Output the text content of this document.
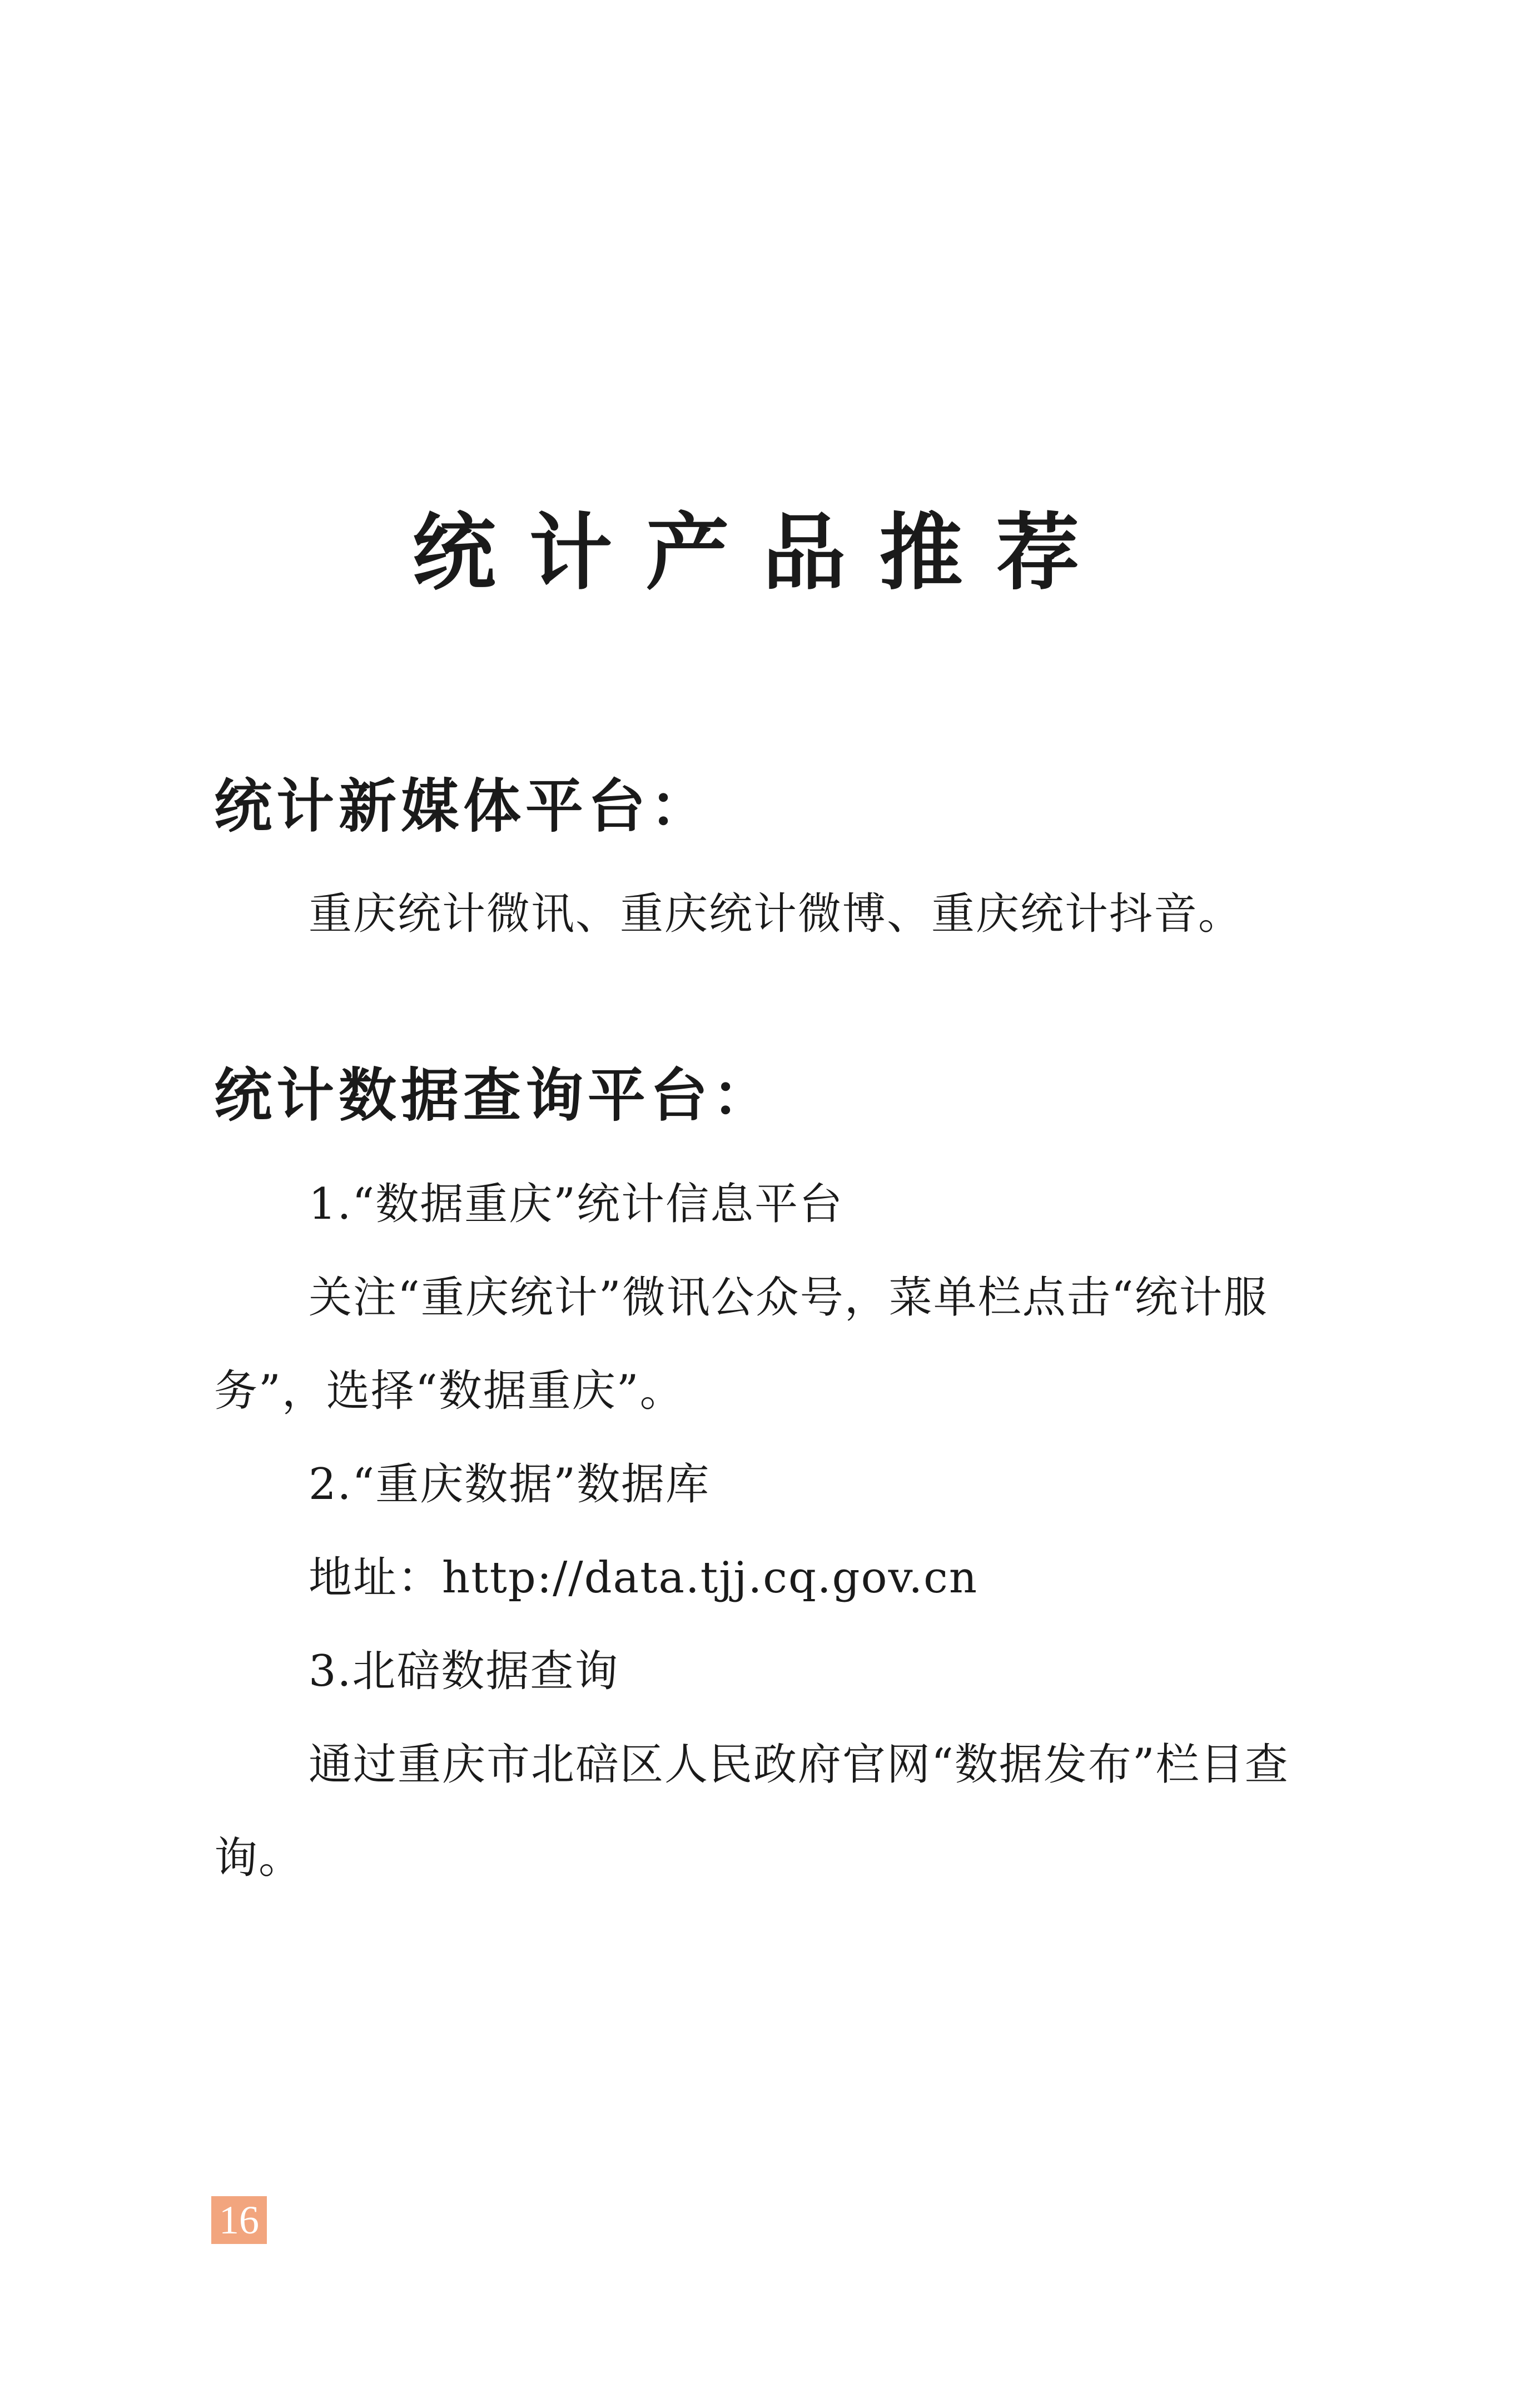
统计产品推荐
统计新媒体平台：

重庆统计微讯、重庆统计微博、重庆统计抖音。

统计数据查询平台：

1.“数据重庆”统计信息平台

关注“重庆统计”微讯公众号，菜单栏点击“统计服务”，选择“数据重庆”。

2.“重庆数据”数据库

地址：http://data.tjj.cq.gov.cn

3.北碚数据查询

通过重庆市北碚区人民政府官网“数据发布”栏目查询。

16
